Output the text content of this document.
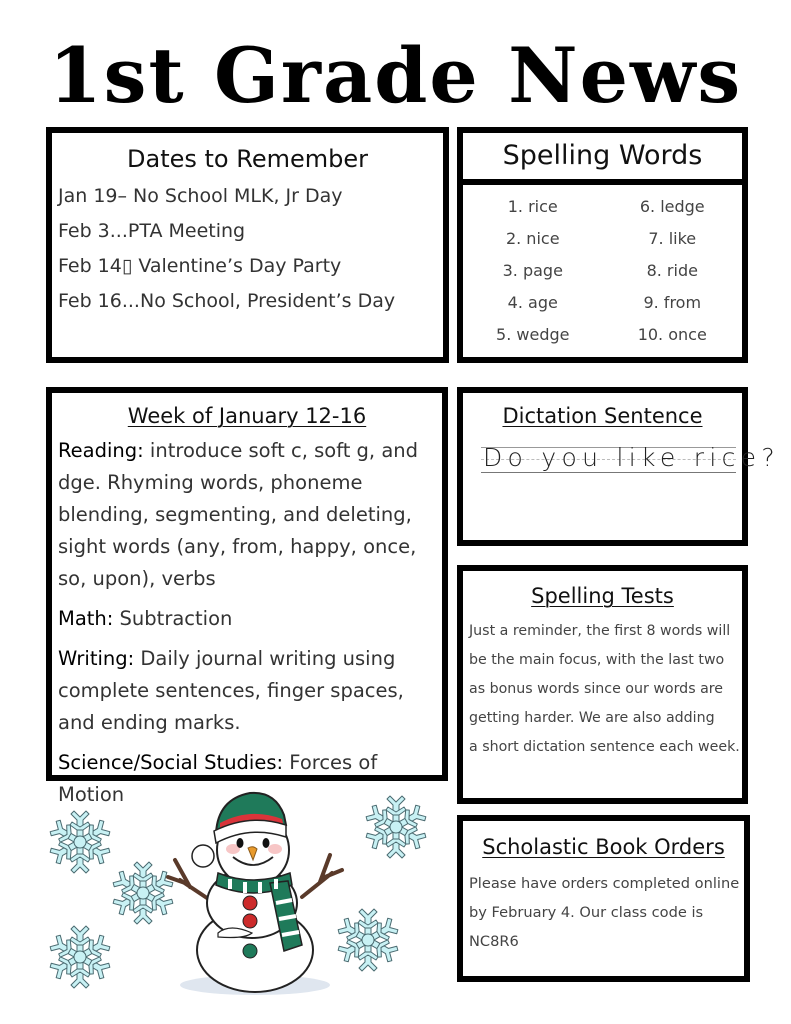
1st Grade News
Dates to Remember
Jan 19– No School MLK, Jr Day
Feb 3...PTA Meeting
Feb 14▯ Valentine’s Day Party
Feb 16...No School, President’s Day
Spelling Words
1. rice	6. ledge
2. nice	7. like
3. page	8. ride
4. age	9. from
5. wedge	10. once
Week of January 12-16

Reading: introduce soft c, soft g, and dge. Rhyming words, phoneme blending, segmenting, and deleting, sight words (any, from, happy, once, so, upon), verbs

Math: Subtraction

Writing: Daily journal writing using complete sentences, finger spaces, and ending marks.

Science/Social Studies: Forces of Motion

Dictation Sentence
Do you like rice?
Spelling Tests
Just a reminder, the first 8 words will
be the main focus, with the last two
as bonus words since our words are
getting harder. We are also adding
a short dictation sentence each week.
Scholastic Book Orders
Please have orders completed online
by February 4. Our class code is
NC8R6
